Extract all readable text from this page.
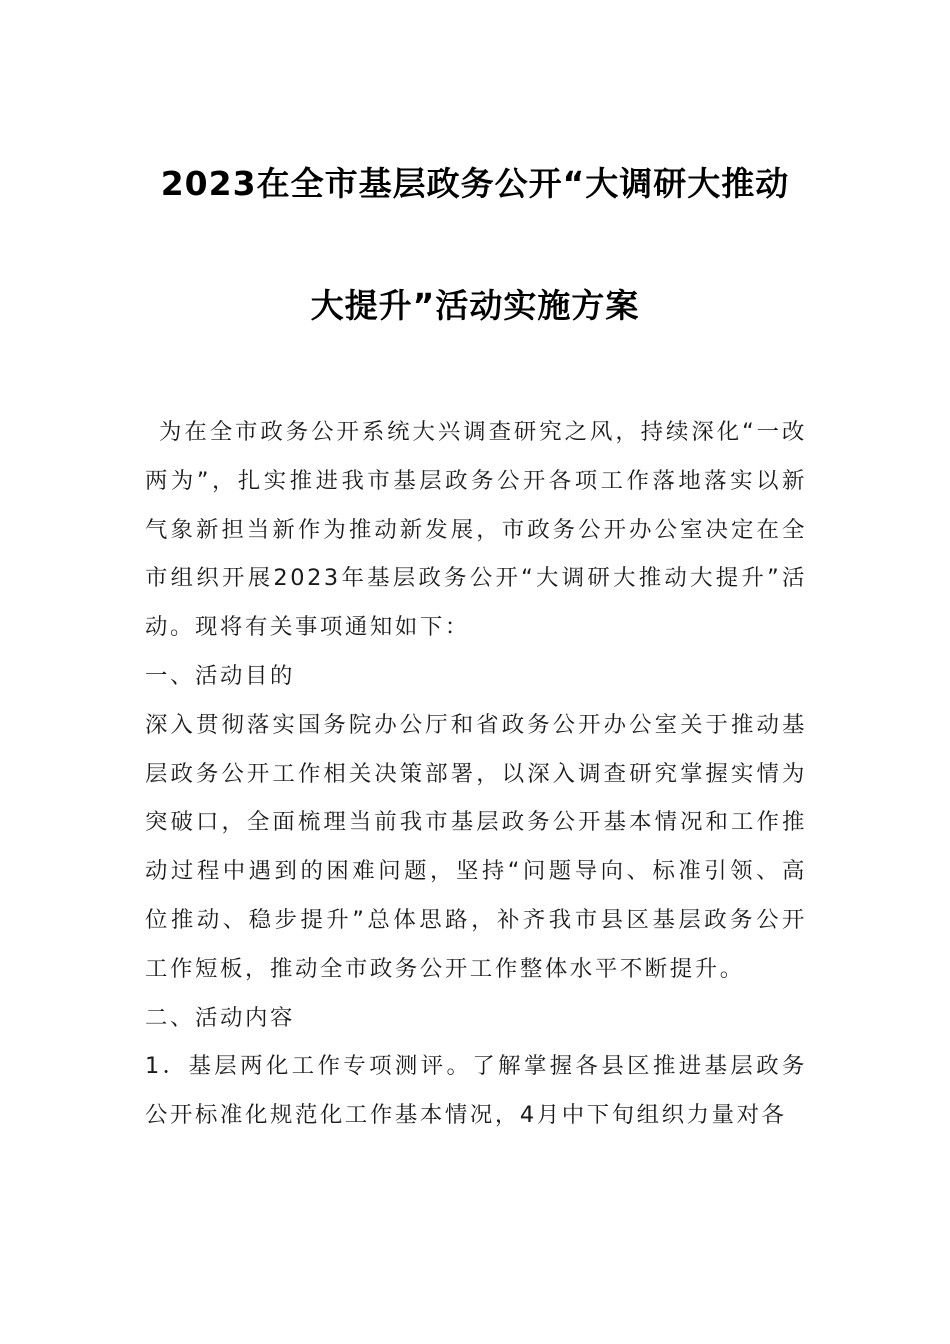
2023在全市基层政务公开“大调研大推动
大提升”活动实施方案

为在全市政务公开系统大兴调查研究之风，持续深化“一改两为”，扎实推进我市基层政务公开各项工作落地落实以新气象新担当新作为推动新发展，市政务公开办公室决定在全市组织开展2023年基层政务公开“大调研大推动大提升”活动。现将有关事项通知如下：

一、活动目的

深入贯彻落实国务院办公厅和省政务公开办公室关于推动基层政务公开工作相关决策部署，以深入调查研究掌握实情为突破口，全面梳理当前我市基层政务公开基本情况和工作推动过程中遇到的困难问题，坚持“问题导向、标准引领、高位推动、稳步提升”总体思路，补齐我市县区基层政务公开工作短板，推动全市政务公开工作整体水平不断提升。

二、活动内容

1．基层两化工作专项测评。了解掌握各县区推进基层政务公开标准化规范化工作基本情况，4月中下旬组织力量对各
